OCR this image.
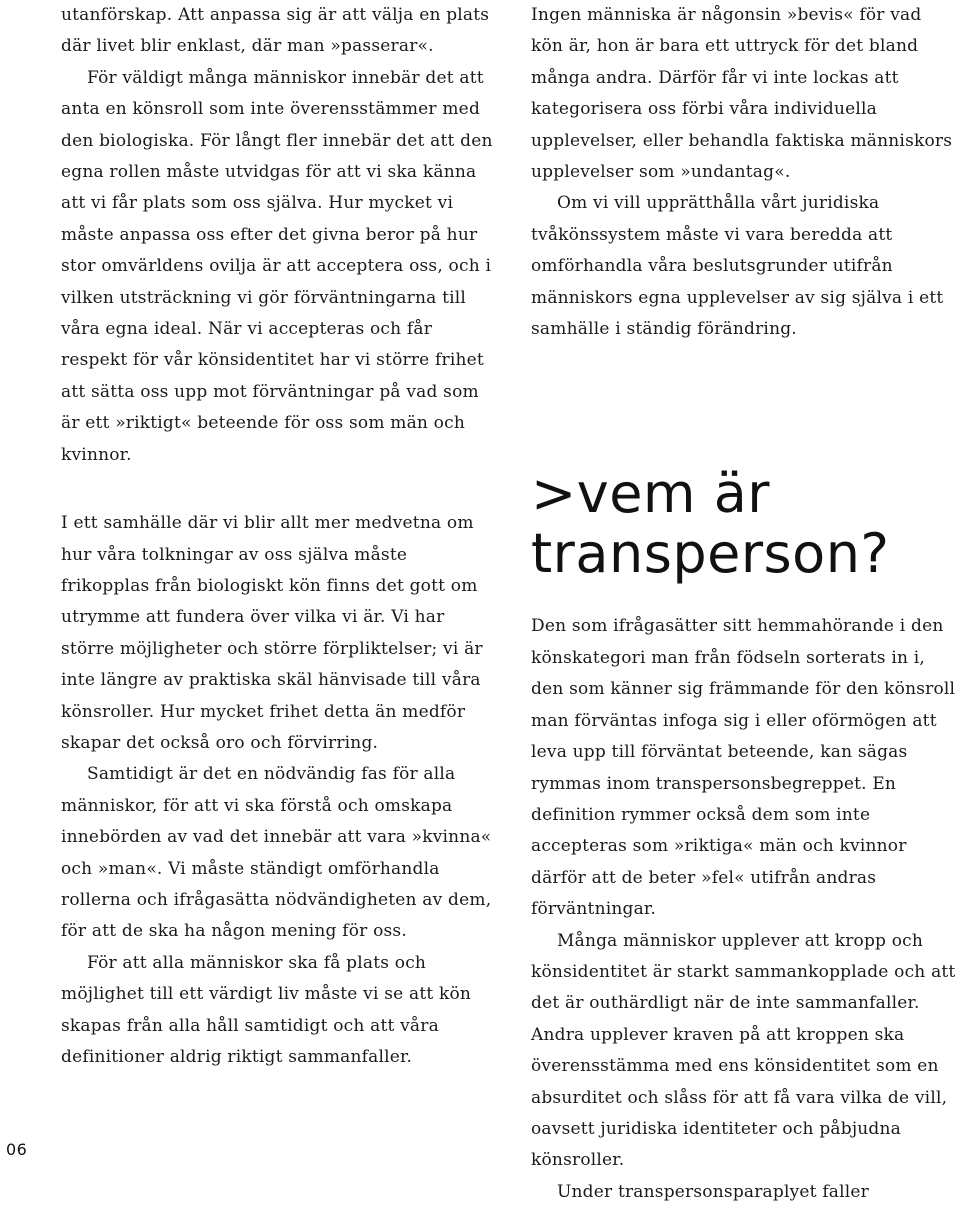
utanförskap. Att anpassa sig är att välja en plats där livet blir enklast, där man »passerar«.

För väldigt många människor innebär det att anta en könsroll som inte överensstämmer med den biologiska. För långt fler innebär det att den egna rollen måste utvidgas för att vi ska känna att vi får plats som oss själva. Hur mycket vi måste anpassa oss efter det givna beror på hur stor omvärldens ovilja är att acceptera oss, och i vilken utsträckning vi gör förväntningarna till våra egna ideal. När vi accepteras och får respekt för vår könsidentitet har vi större frihet att sätta oss upp mot förväntningar på vad som är ett »riktigt« beteende för oss som män och kvinnor.

I ett samhälle där vi blir allt mer medvetna om hur våra tolkningar av oss själva måste frikopplas från biologiskt kön finns det gott om utrymme att fundera över vilka vi är. Vi har större möjligheter och större förpliktelser; vi är inte längre av praktiska skäl hänvisade till våra könsroller. Hur mycket frihet detta än medför skapar det också oro och förvirring.

Samtidigt är det en nödvändig fas för alla människor, för att vi ska förstå och omskapa innebörden av vad det innebär att vara »kvinna« och »man«. Vi måste ständigt omförhandla rollerna och ifrågasätta nödvändigheten av dem, för att de ska ha någon mening för oss.

För att alla människor ska få plats och möjlighet till ett värdigt liv måste vi se att kön skapas från alla håll samtidigt och att våra definitioner aldrig riktigt sammanfaller.

Ingen människa är någonsin »bevis« för vad kön är, hon är bara ett uttryck för det bland många andra. Därför får vi inte lockas att kategorisera oss förbi våra individuella upplevelser, eller behandla faktiska människors upplevelser som »undantag«.

Om vi vill upprätthålla vårt juridiska tvåkönssystem måste vi vara beredda att omförhandla våra beslutsgrunder utifrån människors egna upplevelser av sig själva i ett samhälle i ständig förändring.

>vem är
transperson?

Den som ifrågasätter sitt hemmahörande i den könskategori man från födseln sorterats in i, den som känner sig främmande för den könsroll man förväntas infoga sig i eller oförmögen att leva upp till förväntat beteende, kan sägas rymmas inom transpersonsbegreppet. En definition rymmer också dem som inte accepteras som »riktiga« män och kvinnor därför att de beter »fel« utifrån andras förväntningar.

Många människor upplever att kropp och könsidentitet är starkt sammankopplade och att det är outhärdligt när de inte sammanfaller. Andra upplever kraven på att kroppen ska överensstämma med ens könsidentitet som en absurditet och slåss för att få vara vilka de vill, oavsett juridiska identiteter och påbjudna könsroller.

Under transpersonsparaplyet faller

06
